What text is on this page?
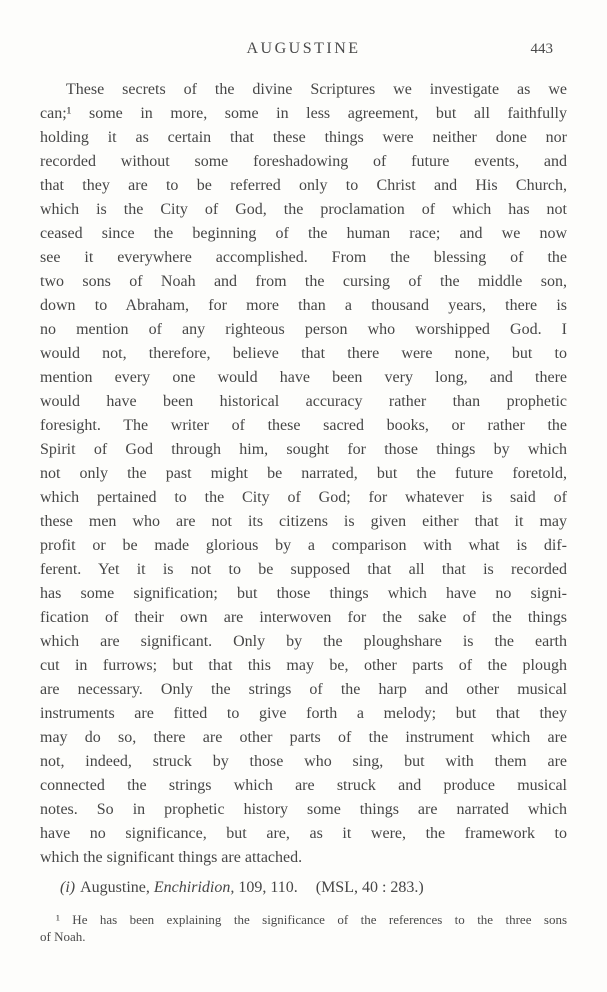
AUGUSTINE	443
These secrets of the divine Scriptures we investigate as we
can;¹ some in more, some in less agreement, but all faithfully
holding it as certain that these things were neither done nor
recorded without some foreshadowing of future events, and
that they are to be referred only to Christ and His Church,
which is the City of God, the proclamation of which has not
ceased since the beginning of the human race; and we now
see it everywhere accomplished. From the blessing of the
two sons of Noah and from the cursing of the middle son,
down to Abraham, for more than a thousand years, there is
no mention of any righteous person who worshipped God. I
would not, therefore, believe that there were none, but to
mention every one would have been very long, and there
would have been historical accuracy rather than prophetic
foresight. The writer of these sacred books, or rather the
Spirit of God through him, sought for those things by which
not only the past might be narrated, but the future foretold,
which pertained to the City of God; for whatever is said of
these men who are not its citizens is given either that it may
profit or be made glorious by a comparison with what is dif-
ferent. Yet it is not to be supposed that all that is recorded
has some signification; but those things which have no signi-
fication of their own are interwoven for the sake of the things
which are significant. Only by the ploughshare is the earth
cut in furrows; but that this may be, other parts of the plough
are necessary. Only the strings of the harp and other musical
instruments are fitted to give forth a melody; but that they
may do so, there are other parts of the instrument which are
not, indeed, struck by those who sing, but with them are
connected the strings which are struck and produce musical
notes. So in prophetic history some things are narrated which
have no significance, but are, as it were, the framework to
which the significant things are attached.
(i) Augustine, Enchiridion, 109, 110. (MSL, 40 : 283.)
¹ He has been explaining the significance of the references to the three sons
of Noah.
